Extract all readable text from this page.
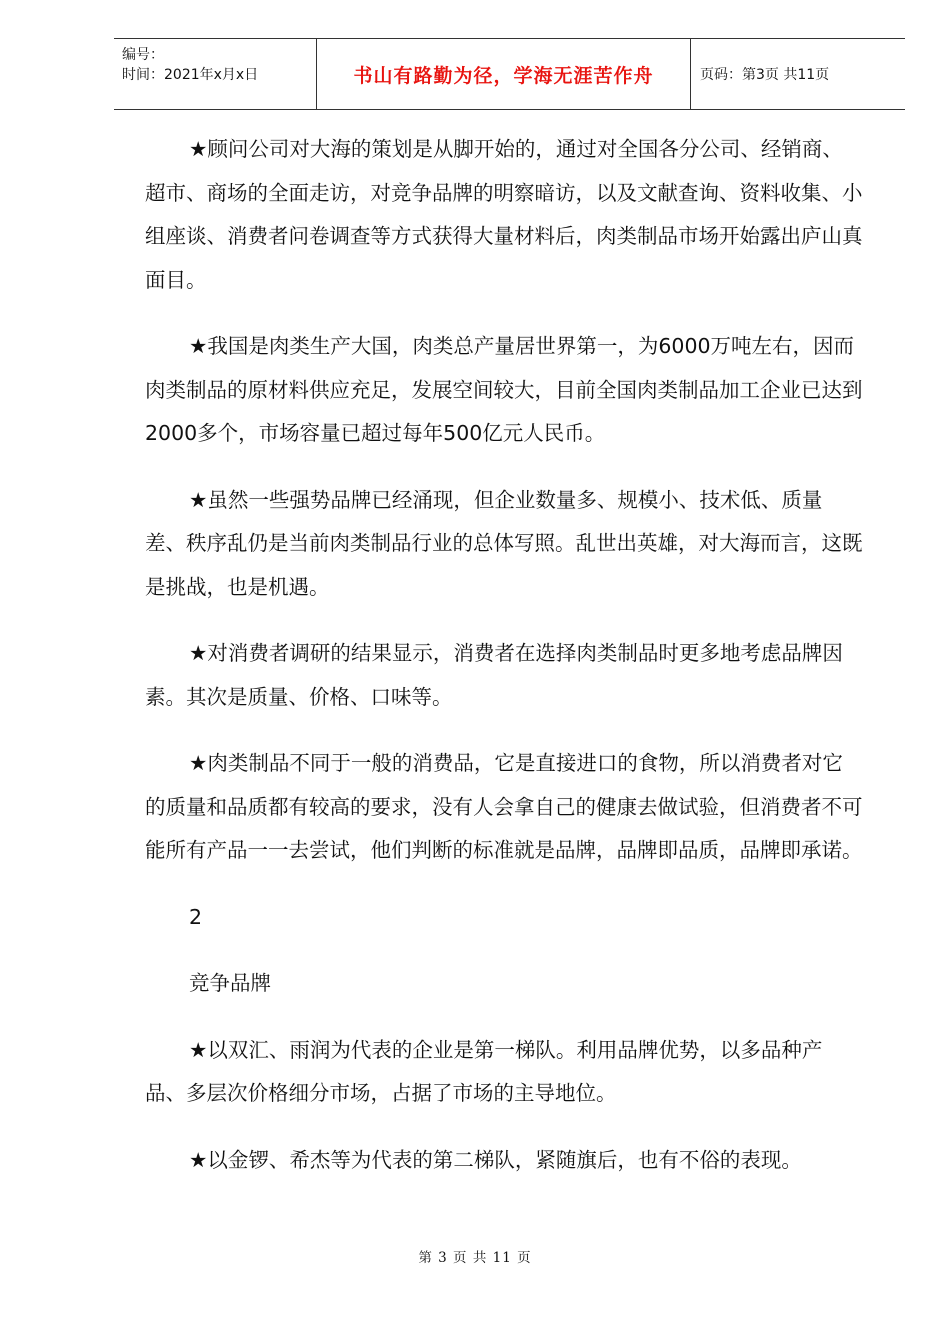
编号：
时间：2021年x月x日	书山有路勤为径，学海无涯苦作舟	页码：第3页 共11页

★顾问公司对大海的策划是从脚开始的，通过对全国各分公司、经销商、超市、商场的全面走访，对竞争品牌的明察暗访，以及文献查询、资料收集、小组座谈、消费者问卷调查等方式获得大量材料后，肉类制品市场开始露出庐山真面目。

★我国是肉类生产大国，肉类总产量居世界第一，为6000万吨左右，因而肉类制品的原材料供应充足，发展空间较大，目前全国肉类制品加工企业已达到2000多个，市场容量已超过每年500亿元人民币。

★虽然一些强势品牌已经涌现，但企业数量多、规模小、技术低、质量差、秩序乱仍是当前肉类制品行业的总体写照。乱世出英雄，对大海而言，这既是挑战，也是机遇。

★对消费者调研的结果显示，消费者在选择肉类制品时更多地考虑品牌因素。其次是质量、价格、口味等。

★肉类制品不同于一般的消费品，它是直接进口的食物，所以消费者对它的质量和品质都有较高的要求，没有人会拿自己的健康去做试验，但消费者不可能所有产品一一去尝试，他们判断的标准就是品牌，品牌即品质，品牌即承诺。

2

竞争品牌

★以双汇、雨润为代表的企业是第一梯队。利用品牌优势，以多品种产品、多层次价格细分市场，占据了市场的主导地位。

★以金锣、希杰等为代表的第二梯队，紧随旗后，也有不俗的表现。

第 3 页 共 11 页
